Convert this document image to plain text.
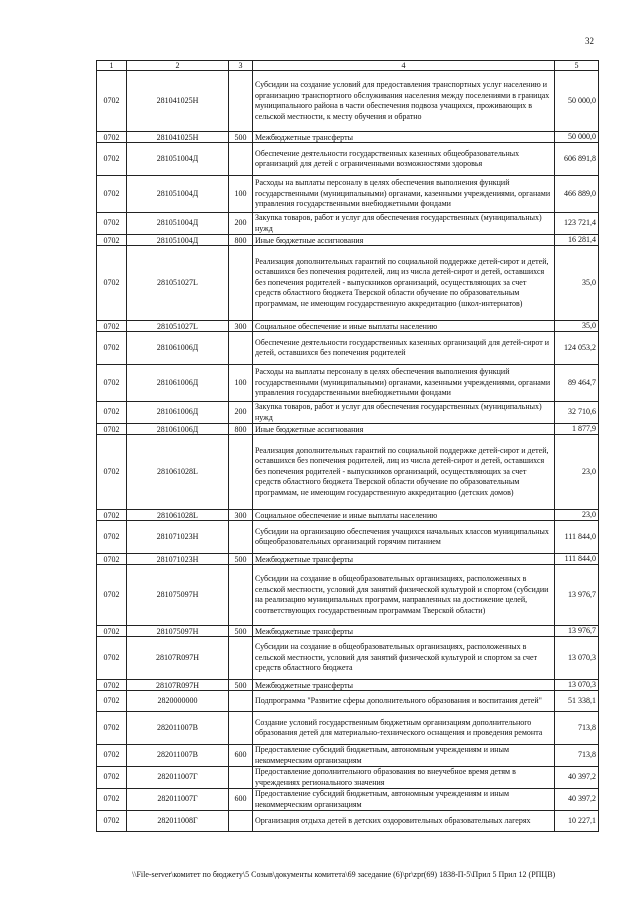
32
1	2	3	4	5
0702	281041025Н		Субсидии на создание условий для предоставления транспортных услуг населению и организацию транспортного обслуживания населения между поселениями в границах муниципального района в части обеспечения подвоза учащихся, проживающих в сельской местности, к месту обучения и обратно	50 000,0
0702	281041025Н	500	Межбюджетные трансферты	50 000,0
0702	281051004Д		Обеспечение деятельности государственных казенных общеобразовательных организаций для детей с ограниченными возможностями здоровья	606 891,8
0702	281051004Д	100	Расходы на выплаты персоналу в целях обеспечения выполнения функций государственными (муниципальными) органами, казенными учреждениями, органами управления государственными внебюджетными фондами	466 889,0
0702	281051004Д	200	Закупка товаров, работ и услуг для обеспечения государственных (муниципальных) нужд	123 721,4
0702	281051004Д	800	Иные бюджетные ассигнования	16 281,4
0702	281051027L		Реализация дополнительных гарантий по социальной поддержке детей-сирот и детей, оставшихся без попечения родителей, лиц из числа детей-сирот и детей, оставшихся без попечения родителей - выпускников организаций, осуществляющих за счет средств областного бюджета Тверской области обучение по образовательным программам, не имеющим государственную аккредитацию (школ-интернатов)	35,0
0702	281051027L	300	Социальное обеспечение и иные выплаты населению	35,0
0702	281061006Д		Обеспечение деятельности государственных казенных организаций для детей-сирот и детей, оставшихся без попечения родителей	124 053,2
0702	281061006Д	100	Расходы на выплаты персоналу в целях обеспечения выполнения функций государственными (муниципальными) органами, казенными учреждениями, органами управления государственными внебюджетными фондами	89 464,7
0702	281061006Д	200	Закупка товаров, работ и услуг для обеспечения государственных (муниципальных) нужд	32 710,6
0702	281061006Д	800	Иные бюджетные ассигнования	1 877,9
0702	281061028L		Реализация дополнительных гарантий по социальной поддержке детей-сирот и детей, оставшихся без попечения родителей, лиц из числа детей-сирот и детей, оставшихся без попечения родителей - выпускников организаций, осуществляющих за счет средств областного бюджета Тверской области обучение по образовательным программам, не имеющим государственную аккредитацию (детских домов)	23,0
0702	281061028L	300	Социальное обеспечение и иные выплаты населению	23,0
0702	281071023Н		Субсидии на организацию обеспечения учащихся начальных классов муниципальных общеобразовательных организаций горячим питанием	111 844,0
0702	281071023Н	500	Межбюджетные трансферты	111 844,0
0702	281075097Н		Субсидии на создание в общеобразовательных организациях, расположенных в сельской местности, условий для занятий физической культурой и спортом (субсидии на реализацию муниципальных программ, направленных на достижение целей, соответствующих государственным программам Тверской области)	13 976,7
0702	281075097Н	500	Межбюджетные трансферты	13 976,7
0702	28107R097Н		Субсидии на создание в общеобразовательных организациях, расположенных в сельской местности, условий для занятий физической культурой и спортом за счет средств областного бюджета	13 070,3
0702	28107R097Н	500	Межбюджетные трансферты	13 070,3
0702	2820000000		Подпрограмма "Развитие сферы дополнительного образования и воспитания детей"	51 338,1
0702	282011007В		Создание условий государственным бюджетным организациям дополнительного образования детей для материально-технического оснащения и проведения ремонта	713,8
0702	282011007В	600	Предоставление субсидий бюджетным, автономным учреждениям и иным некоммерческим организациям	713,8
0702	282011007Г		Предоставление дополнительного образования во внеучебное время детям в учреждениях регионального значения	40 397,2
0702	282011007Г	600	Предоставление субсидий бюджетным, автономным учреждениям и иным некоммерческим организациям	40 397,2
0702	282011008Г		Организация отдыха детей в детских оздоровительных образовательных лагерях	10 227,1
\\File-server\комитет по бюджету\5 Созыв\документы комитета\69 заседание (6)\pr\zpr(69) 1838-П-5\Прил 5 Прил 12 (РПЦВ)
